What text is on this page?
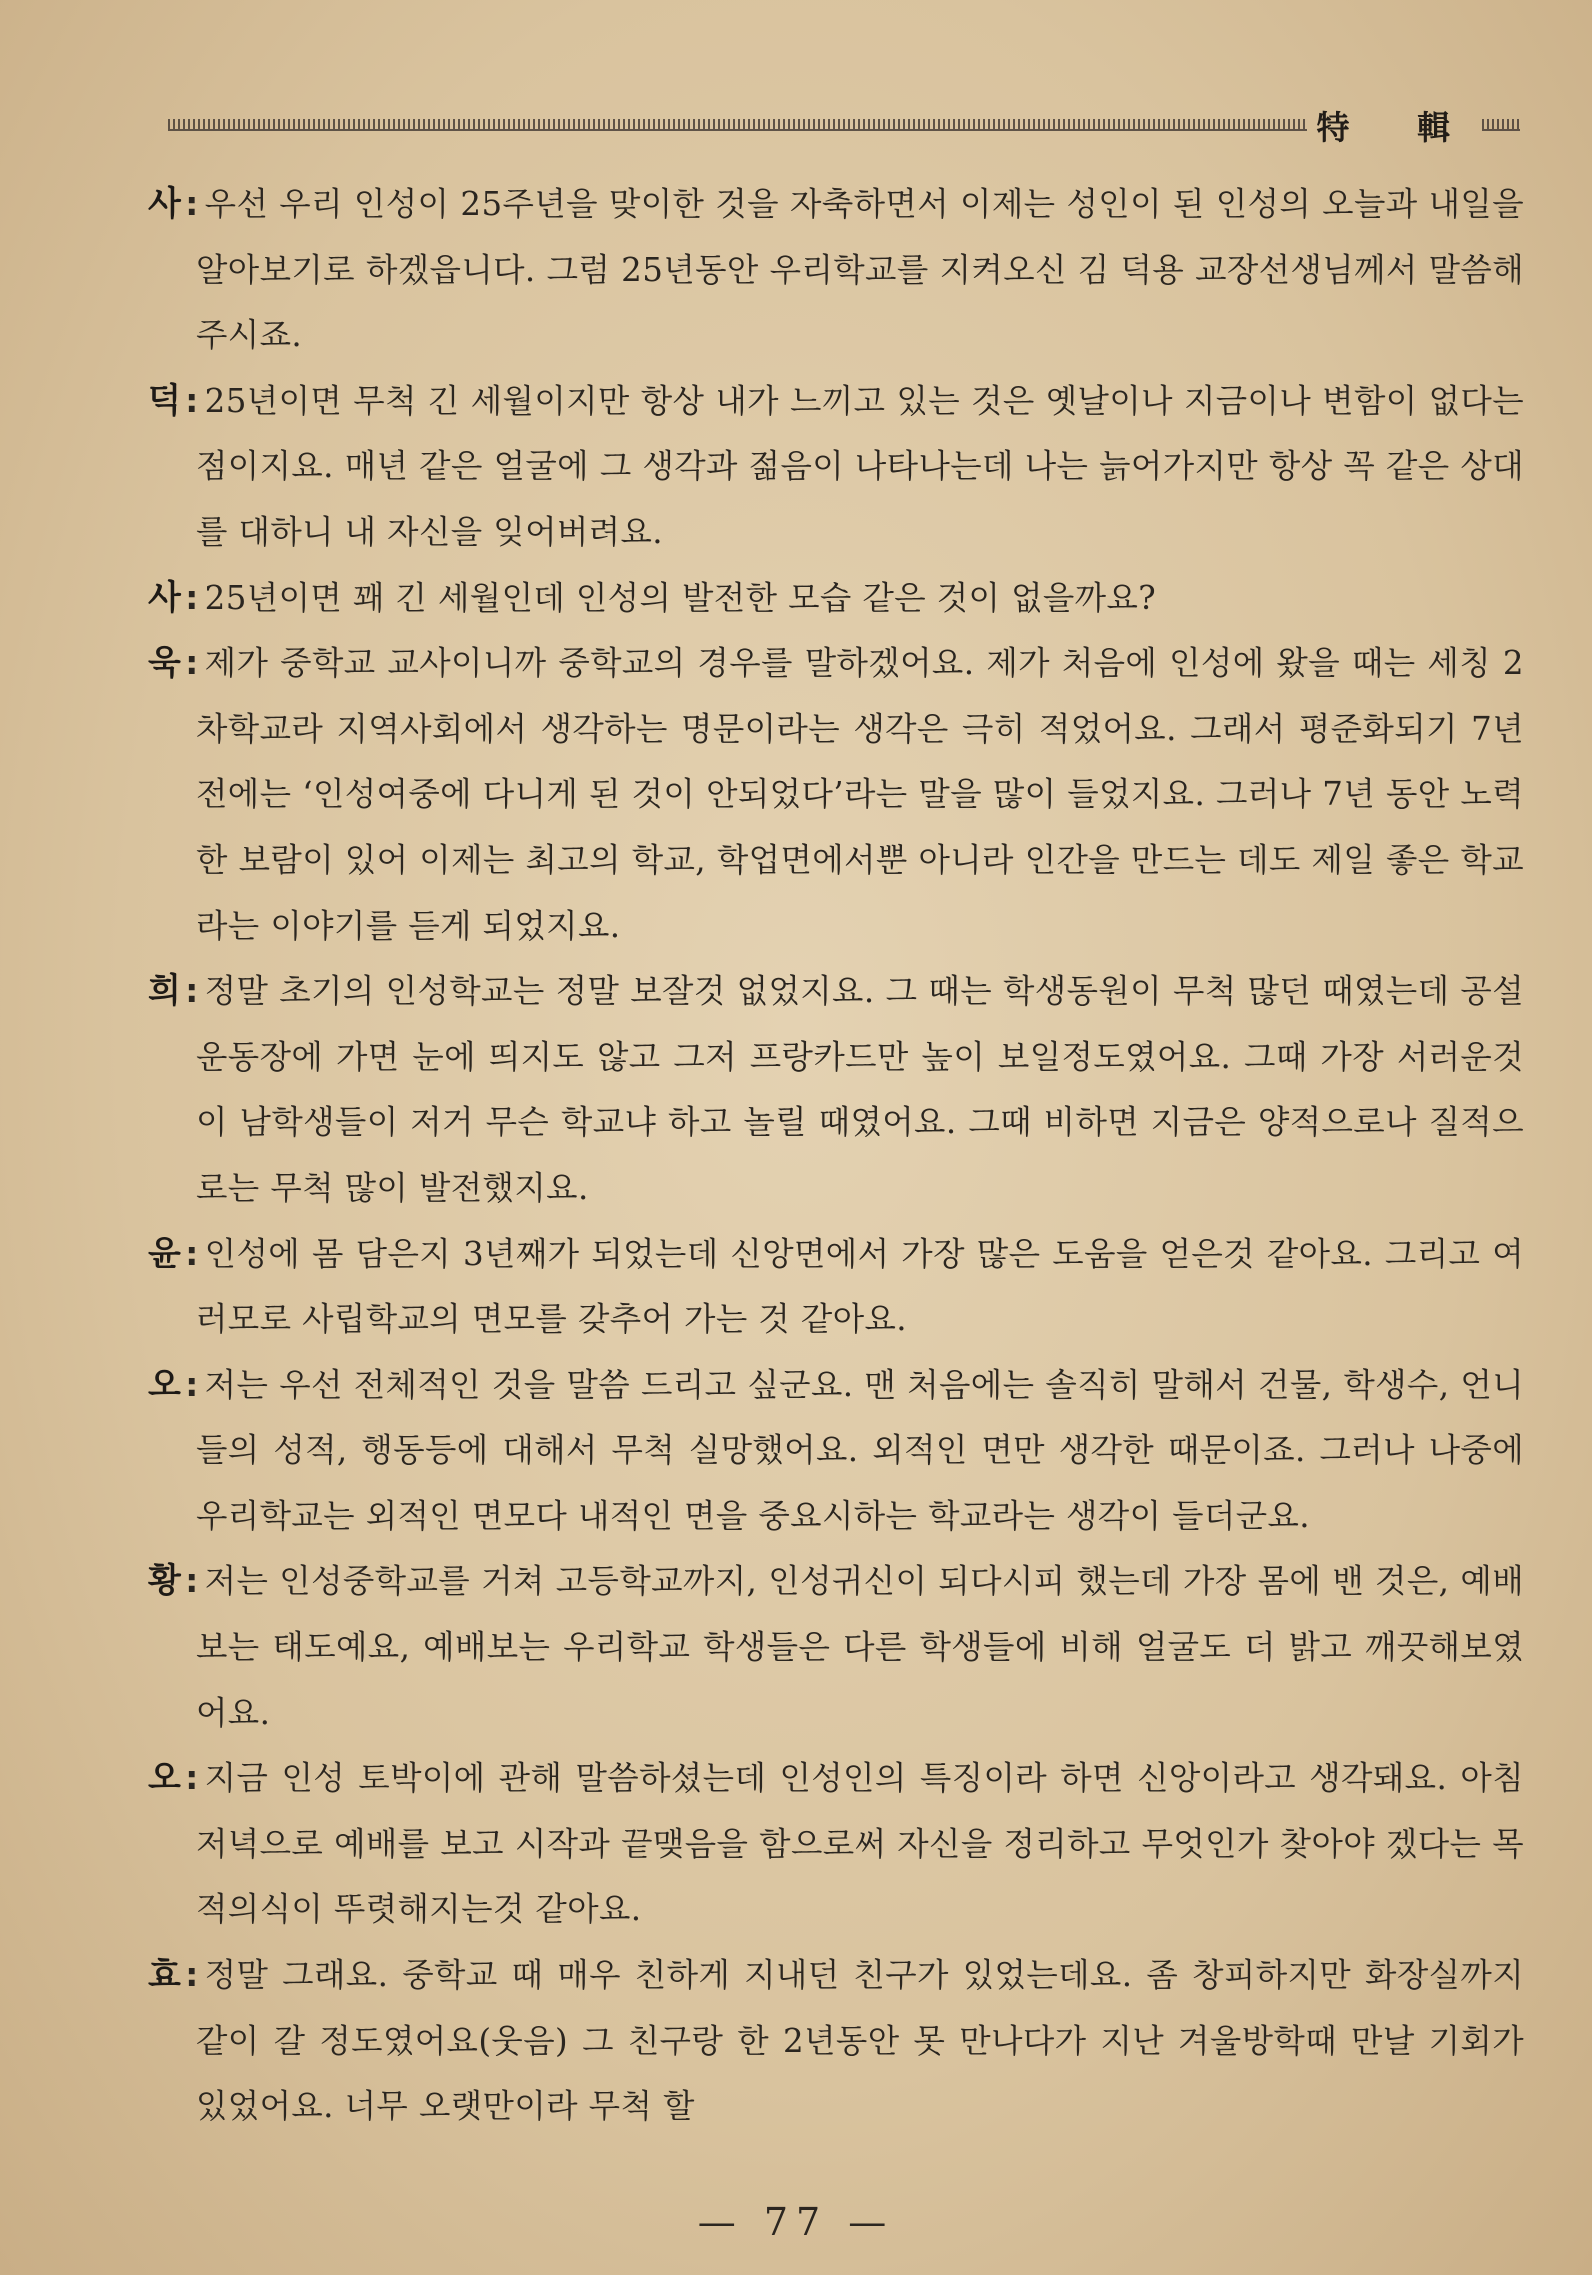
特 輯

사 : 우선 우리 인성이 25주년을 맞이한 것을 자축하면서 이제는 성인이 된 인성의 오늘과 내일을 알아보기로 하겠읍니다. 그럼 25년동안 우리학교를 지켜오신 김 덕용 교장선생님께서 말씀해 주시죠.

덕 : 25년이면 무척 긴 세월이지만 항상 내가 느끼고 있는 것은 옛날이나 지금이나 변함이 없다는 점이지요. 매년 같은 얼굴에 그 생각과 젊음이 나타나는데 나는 늙어가지만 항상 꼭 같은 상대를 대하니 내 자신을 잊어버려요.

사 : 25년이면 꽤 긴 세월인데 인성의 발전한 모습 같은 것이 없을까요?

욱 : 제가 중학교 교사이니까 중학교의 경우를 말하겠어요. 제가 처음에 인성에 왔을 때는 세칭 2차학교라 지역사회에서 생각하는 명문이라는 생각은 극히 적었어요. 그래서 평준화되기 7년전에는 ‘인성여중에 다니게 된 것이 안되었다’라는 말을 많이 들었지요. 그러나 7년 동안 노력한 보람이 있어 이제는 최고의 학교, 학업면에서뿐 아니라 인간을 만드는 데도 제일 좋은 학교라는 이야기를 듣게 되었지요.

희 : 정말 초기의 인성학교는 정말 보잘것 없었지요. 그 때는 학생동원이 무척 많던 때였는데 공설운동장에 가면 눈에 띄지도 않고 그저 프랑카드만 높이 보일정도였어요. 그때 가장 서러운것이 남학생들이 저거 무슨 학교냐 하고 놀릴 때였어요. 그때 비하면 지금은 양적으로나 질적으로는 무척 많이 발전했지요.

윤 : 인성에 몸 담은지 3년째가 되었는데 신앙면에서 가장 많은 도움을 얻은것 같아요. 그리고 여러모로 사립학교의 면모를 갖추어 가는 것 같아요.

오 : 저는 우선 전체적인 것을 말씀 드리고 싶군요. 맨 처음에는 솔직히 말해서 건물, 학생수, 언니들의 성적, 행동등에 대해서 무척 실망했어요. 외적인 면만 생각한 때문이죠. 그러나 나중에 우리학교는 외적인 면모다 내적인 면을 중요시하는 학교라는 생각이 들더군요.

황 : 저는 인성중학교를 거쳐 고등학교까지, 인성귀신이 되다시피 했는데 가장 몸에 밴 것은, 예배보는 태도예요, 예배보는 우리학교 학생들은 다른 학생들에 비해 얼굴도 더 밝고 깨끗해보였어요.

오 : 지금 인성 토박이에 관해 말씀하셨는데 인성인의 특징이라 하면 신앙이라고 생각돼요. 아침 저녁으로 예배를 보고 시작과 끝맺음을 함으로써 자신을 정리하고 무엇인가 찾아야 겠다는 목적의식이 뚜렷해지는것 같아요.

효 : 정말 그래요. 중학교 때 매우 친하게 지내던 친구가 있었는데요. 좀 창피하지만 화장실까지 같이 갈 정도였어요(웃음) 그 친구랑 한 2년동안 못 만나다가 지난 겨울방학때 만날 기회가 있었어요. 너무 오랫만이라 무척 할

— 77 —
